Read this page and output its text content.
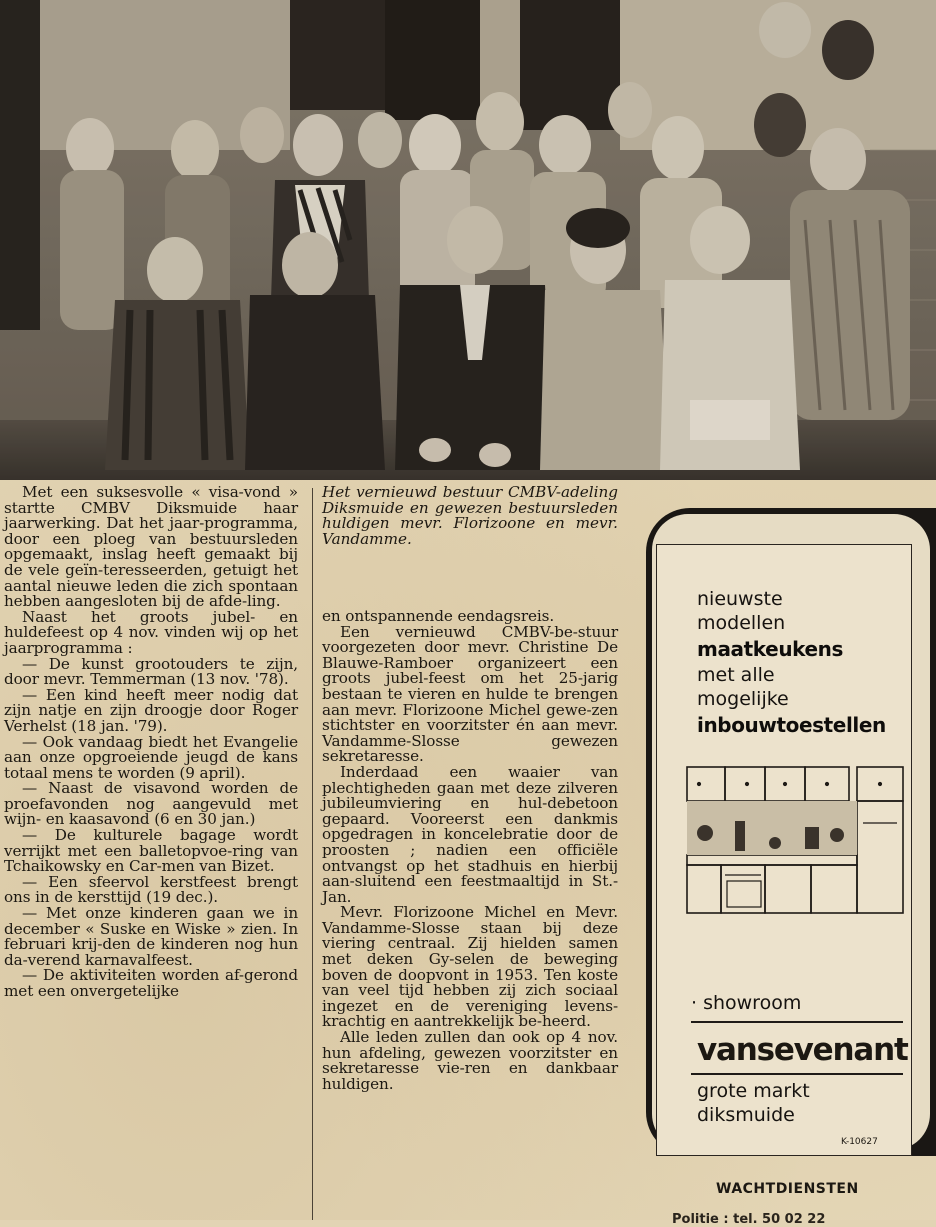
Met een suksesvolle « visa-vond » startte CMBV Diksmuide haar jaarwerking. Dat het jaar-programma, door een ploeg van bestuursleden opgemaakt, inslag heeft gemaakt bij de vele geïn-teresseerden, getuigt het aantal nieuwe leden die zich spontaan hebben aangesloten bij de afde-ling.

Naast het groots jubel- en huldefeest op 4 nov. vinden wij op het jaarprogramma :

— De kunst grootouders te zijn, door mevr. Temmerman (13 nov. '78).

— Een kind heeft meer nodig dat zijn natje en zijn droogje door Roger Verhelst (18 jan. '79).

— Ook vandaag biedt het Evangelie aan onze opgroeiende jeugd de kans totaal mens te worden (9 april).

— Naast de visavond worden de proefavonden nog aangevuld met wijn- en kaasavond (6 en 30 jan.)

— De kulturele bagage wordt verrijkt met een balletopvoe-ring van Tchaikowsky en Car-men van Bizet.

— Een sfeervol kerstfeest brengt ons in de kersttijd (19 dec.).

— Met onze kinderen gaan we in december « Suske en Wiske » zien. In februari krij-den de kinderen nog hun da-verend karnavalfeest.

— De aktiviteiten worden af-gerond met een onvergetelijke

Het vernieuwd bestuur CMBV-adeling Diksmuide en gewezen bestuursleden huldigen mevr. Florizoone en mevr. Vandamme.

en ontspannende eendagsreis.

Een vernieuwd CMBV-be-stuur voorgezeten door mevr. Christine De Blauwe-Ramboer organizeert een groots jubel-feest om het 25-jarig bestaan te vieren en hulde te brengen aan mevr. Florizoone Michel gewe-zen stichtster en voorzitster én aan mevr. Vandamme-Slosse gewezen sekretaresse.

Inderdaad een waaier van plechtigheden gaan met deze zilveren jubileumviering en hul-debetoon gepaard. Vooreerst een dankmis opgedragen in koncelebratie door de proosten ; nadien een officiële ontvangst op het stadhuis en hierbij aan-sluitend een feestmaaltijd in St.-Jan.

Mevr. Florizoone Michel en Mevr. Vandamme-Slosse staan bij deze viering centraal. Zij hielden samen met deken Gy-selen de beweging boven de doopvont in 1953. Ten koste van veel tijd hebben zij zich sociaal ingezet en de vereniging levens-krachtig en aantrekkelijk be-heerd.

Alle leden zullen dan ook op 4 nov. hun afdeling, gewezen voorzitster en sekretaresse vie-ren en dankbaar huldigen.

nieuwste
modellen
maatkeukens
met alle
mogelijke
inbouwtoestellen
· showroom
vansevenant
grote markt
diksmuide
K-10627
WACHTDIENSTEN
Politie : tel. 50 02 22
